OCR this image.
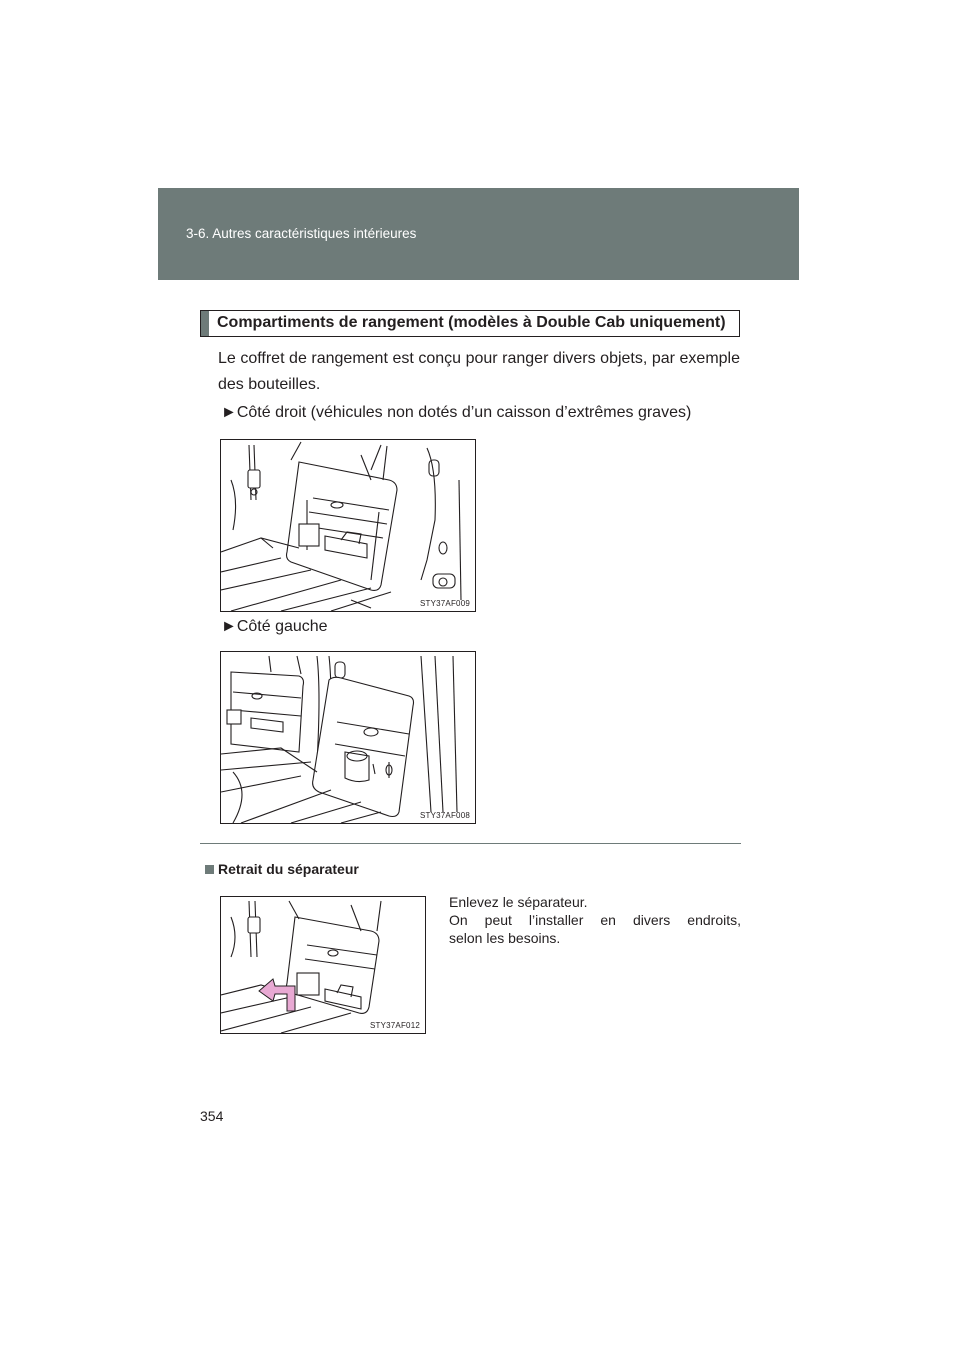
3-6. Autres caractéristiques intérieures
Compartiments de rangement (modèles à Double Cab uniquement)
Le coffret de rangement est conçu pour ranger divers objets, par exemple des bouteilles.
►Côté droit (véhicules non dotés d’un caisson d’extrêmes graves)
STY37AF009
►Côté gauche
STY37AF008
Retrait du séparateur

Enlevez le séparateur.

On peut l’installer en divers endroits,

selon les besoins.

STY37AF012
354
